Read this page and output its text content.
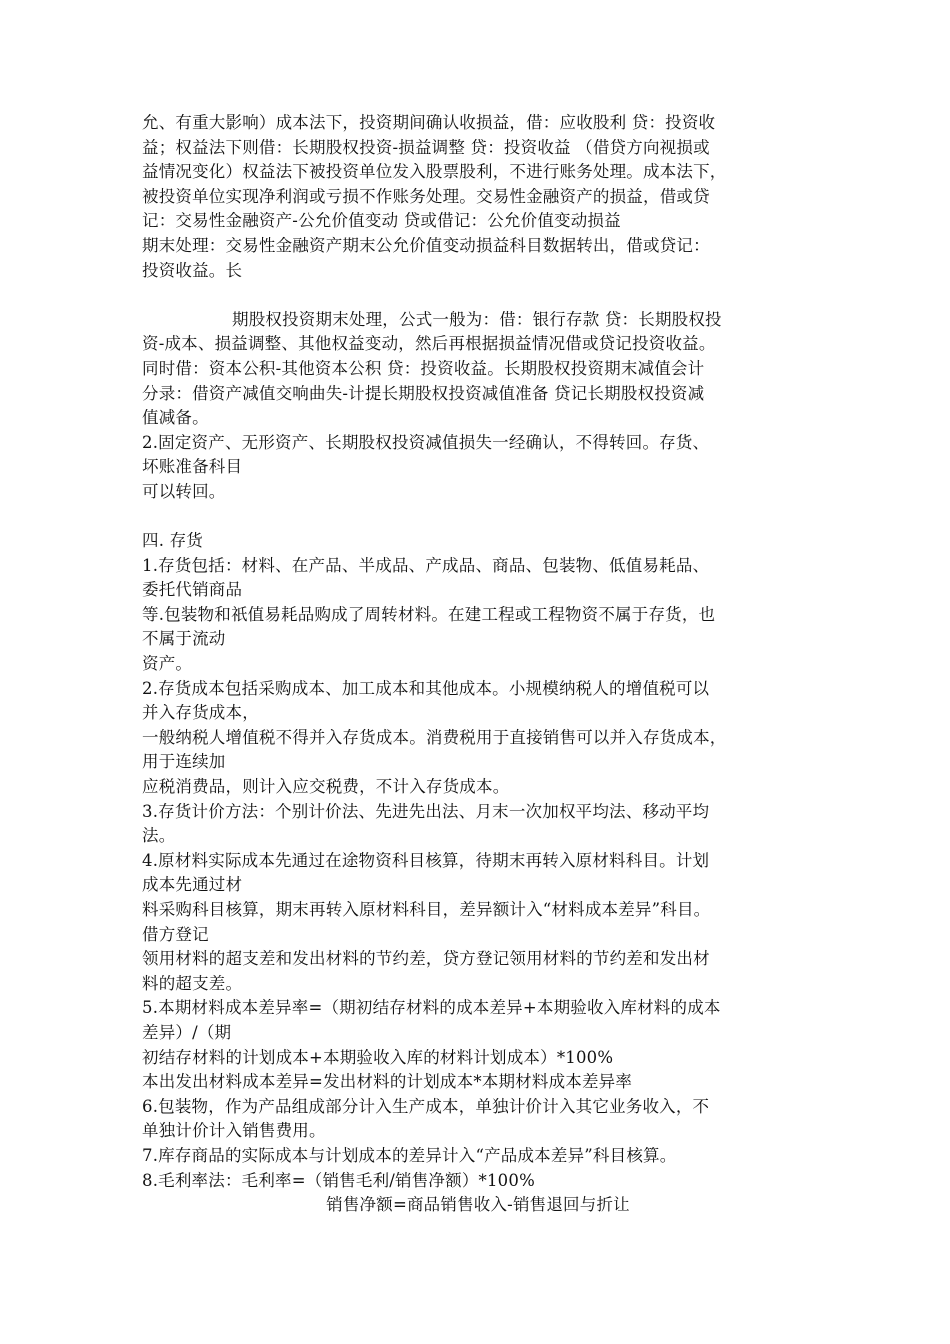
允、有重大影响）成本法下，投资期间确认收损益，借：应收股利 贷：投资收
益；权益法下则借：长期股权投资-损益调整 贷：投资收益 （借贷方向视损或
益情况变化）权益法下被投资单位发入股票股利，不进行账务处理。成本法下，
被投资单位实现净利润或亏损不作账务处理。交易性金融资产的损益，借或贷
记：交易性金融资产-公允价值变动 贷或借记：公允价值变动损益
期末处理：交易性金融资产期末公允价值变动损益科目数据转出，借或贷记：
投资收益。长
期股权投资期末处理，公式一般为：借：银行存款 贷：长期股权投
资-成本、损益调整、其他权益变动，然后再根据损益情况借或贷记投资收益。
同时借：资本公积-其他资本公积 贷：投资收益。长期股权投资期末减值会计
分录：借资产减值交响曲失-计提长期股权投资减值准备 贷记长期股权投资减
值减备。
2.固定资产、无形资产、长期股权投资减值损失一经确认，不得转回。存货、
坏账准备科目
可以转回。
四. 存货
1.存货包括：材料、在产品、半成品、产成品、商品、包装物、低值易耗品、
委托代销商品
等.包装物和祇值易耗品购成了周转材料。在建工程或工程物资不属于存货，也
不属于流动
资产。
2.存货成本包括采购成本、加工成本和其他成本。小规模纳税人的增值税可以
并入存货成本，
一般纳税人增值税不得并入存货成本。消费税用于直接销售可以并入存货成本，
用于连续加
应税消费品，则计入应交税费，不计入存货成本。
3.存货计价方法：个别计价法、先进先出法、月末一次加权平均法、移动平均
法。
4.原材料实际成本先通过在途物资科目核算，待期末再转入原材料科目。计划
成本先通过材
料采购科目核算，期末再转入原材料科目，差异额计入“材料成本差异”科目。
借方登记
领用材料的超支差和发出材料的节约差，贷方登记领用材料的节约差和发出材
料的超支差。
5.本期材料成本差异率=（期初结存材料的成本差异+本期验收入库材料的成本
差异）/（期
初结存材料的计划成本+本期验收入库的材料计划成本）*100%
本出发出材料成本差异=发出材料的计划成本*本期材料成本差异率
6.包装物，作为产品组成部分计入生产成本，单独计价计入其它业务收入，不
单独计价计入销售费用。
7.库存商品的实际成本与计划成本的差异计入“产品成本差异”科目核算。
8.毛利率法：毛利率=（销售毛利/销售净额）*100%
销售净额=商品销售收入-销售退回与折让
